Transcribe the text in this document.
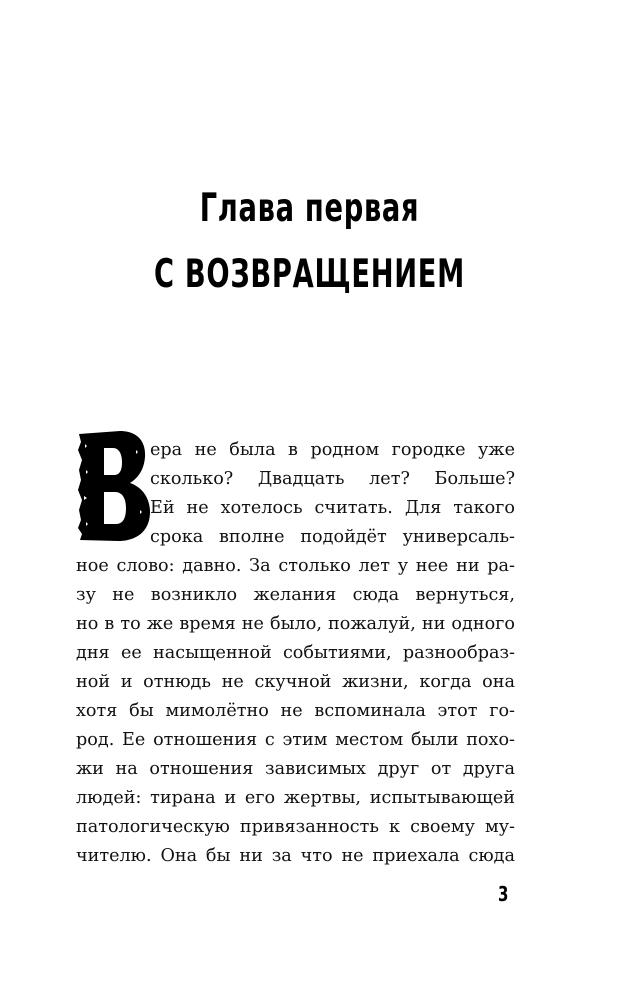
Глава первая
С ВОЗВРАЩЕНИЕМ
ера не была в родном городке уже
сколько? Двадцать лет? Больше?
Ей не хотелось считать. Для такого
срока вполне подойдёт универсаль-
ное слово: давно. За столько лет у нее ни ра-
зу не возникло желания сюда вернуться,
но в то же время не было, пожалуй, ни одного
дня ее насыщенной событиями, разнообраз-
ной и отнюдь не скучной жизни, когда она
хотя бы мимолётно не вспоминала этот го-
род. Ее отношения с этим местом были похо-
жи на отношения зависимых друг от друга
людей: тирана и его жертвы, испытывающей
патологическую привязанность к своему му-
чителю. Она бы ни за что не приехала сюда
3
